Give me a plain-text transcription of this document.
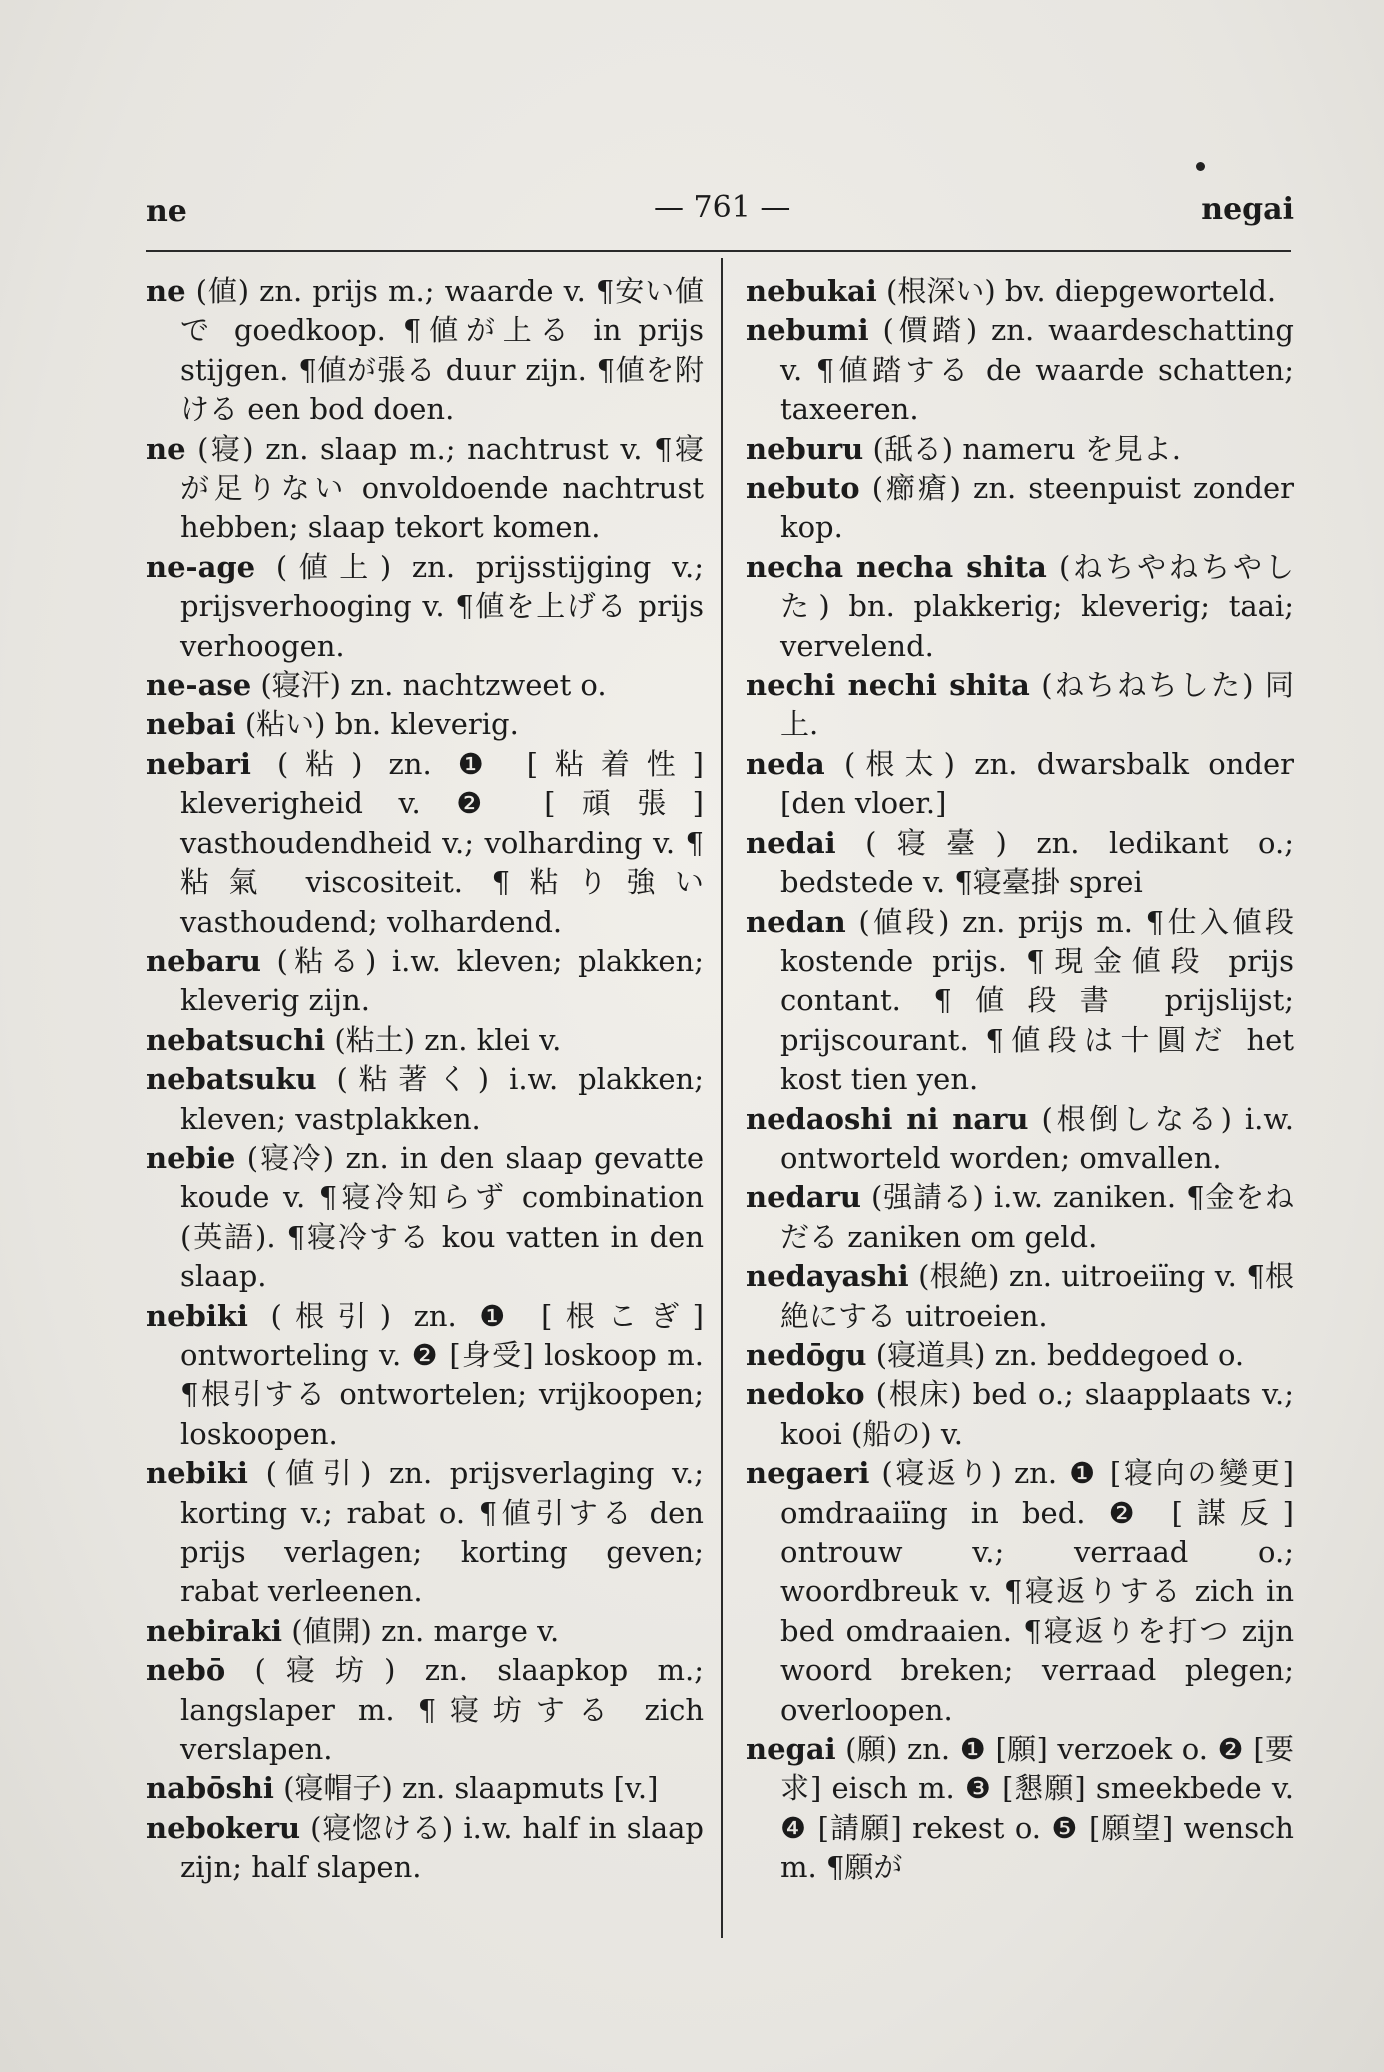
ne	— 761 —	negai

ne (値) zn. prijs m.; waarde v. ¶安い値で goedkoop. ¶値が上る in prijs stijgen. ¶値が張る duur zijn. ¶値を附ける een bod doen.

ne (寝) zn. slaap m.; nachtrust v. ¶寝が足りない onvoldoende nachtrust hebben; slaap tekort komen.

ne-age (値上) zn. prijsstijging v.; prijsverhooging v. ¶値を上げる prijs verhoogen.

ne-ase (寝汗) zn. nachtzweet o.

nebai (粘い) bn. kleverig.

nebari (粘) zn. ❶ [粘着性] kleverigheid v. ❷ [頑張] vasthoudendheid v.; volharding v. ¶粘氣 viscositeit. ¶粘り強い vasthoudend; volhardend.

nebaru (粘る) i.w. kleven; plakken; kleverig zijn.

nebatsuchi (粘土) zn. klei v.

nebatsuku (粘著く) i.w. plakken; kleven; vastplakken.

nebie (寝冷) zn. in den slaap gevatte koude v. ¶寝冷知らず combination (英語). ¶寝冷する kou vatten in den slaap.

nebiki (根引) zn. ❶ [根こぎ] ontworteling v. ❷ [身受] loskoop m. ¶根引する ontwortelen; vrijkoopen; loskoopen.

nebiki (値引) zn. prijsverlaging v.; korting v.; rabat o. ¶値引する den prijs verlagen; korting geven; rabat verleenen.

nebiraki (値開) zn. marge v.

nebō (寝坊) zn. slaapkop m.; langslaper m. ¶寝坊する zich verslapen.

nabōshi (寝帽子) zn. slaapmuts [v.]

nebokeru (寝惚ける) i.w. half in slaap zijn; half slapen.

nebukai (根深い) bv. diepgeworteld.

nebumi (價踏) zn. waardeschatting v. ¶値踏する de waarde schatten; taxeeren.

neburu (舐る) nameru を見よ.

nebuto (癤瘡) zn. steenpuist zonder kop.

necha necha shita (ねちやねちやした) bn. plakkerig; kleverig; taai; vervelend.

nechi nechi shita (ねちねちした) 同上.

neda (根太) zn. dwarsbalk onder [den vloer.]

nedai (寝臺) zn. ledikant o.; bedstede v. ¶寝臺掛 sprei

nedan (値段) zn. prijs m. ¶仕入値段 kostende prijs. ¶現金値段 prijs contant. ¶値段書 prijslijst; prijscourant. ¶値段は十圓だ het kost tien yen.

nedaoshi ni naru (根倒しなる) i.w. ontworteld worden; omvallen.

nedaru (强請る) i.w. zaniken. ¶金をねだる zaniken om geld.

nedayashi (根絶) zn. uitroeiïng v. ¶根絶にする uitroeien.

nedōgu (寝道具) zn. beddegoed o.

nedoko (根床) bed o.; slaapplaats v.; kooi (船の) v.

negaeri (寝返り) zn. ❶ [寝向の變更] omdraaiïng in bed. ❷ [謀反] ontrouw v.; verraad o.; woordbreuk v. ¶寝返りする zich in bed omdraaien. ¶寝返りを打つ zijn woord breken; verraad plegen; overloopen.

negai (願) zn. ❶ [願] verzoek o. ❷ [要求] eisch m. ❸ [懇願] smeekbede v. ❹ [請願] rekest o. ❺ [願望] wensch m. ¶願が
